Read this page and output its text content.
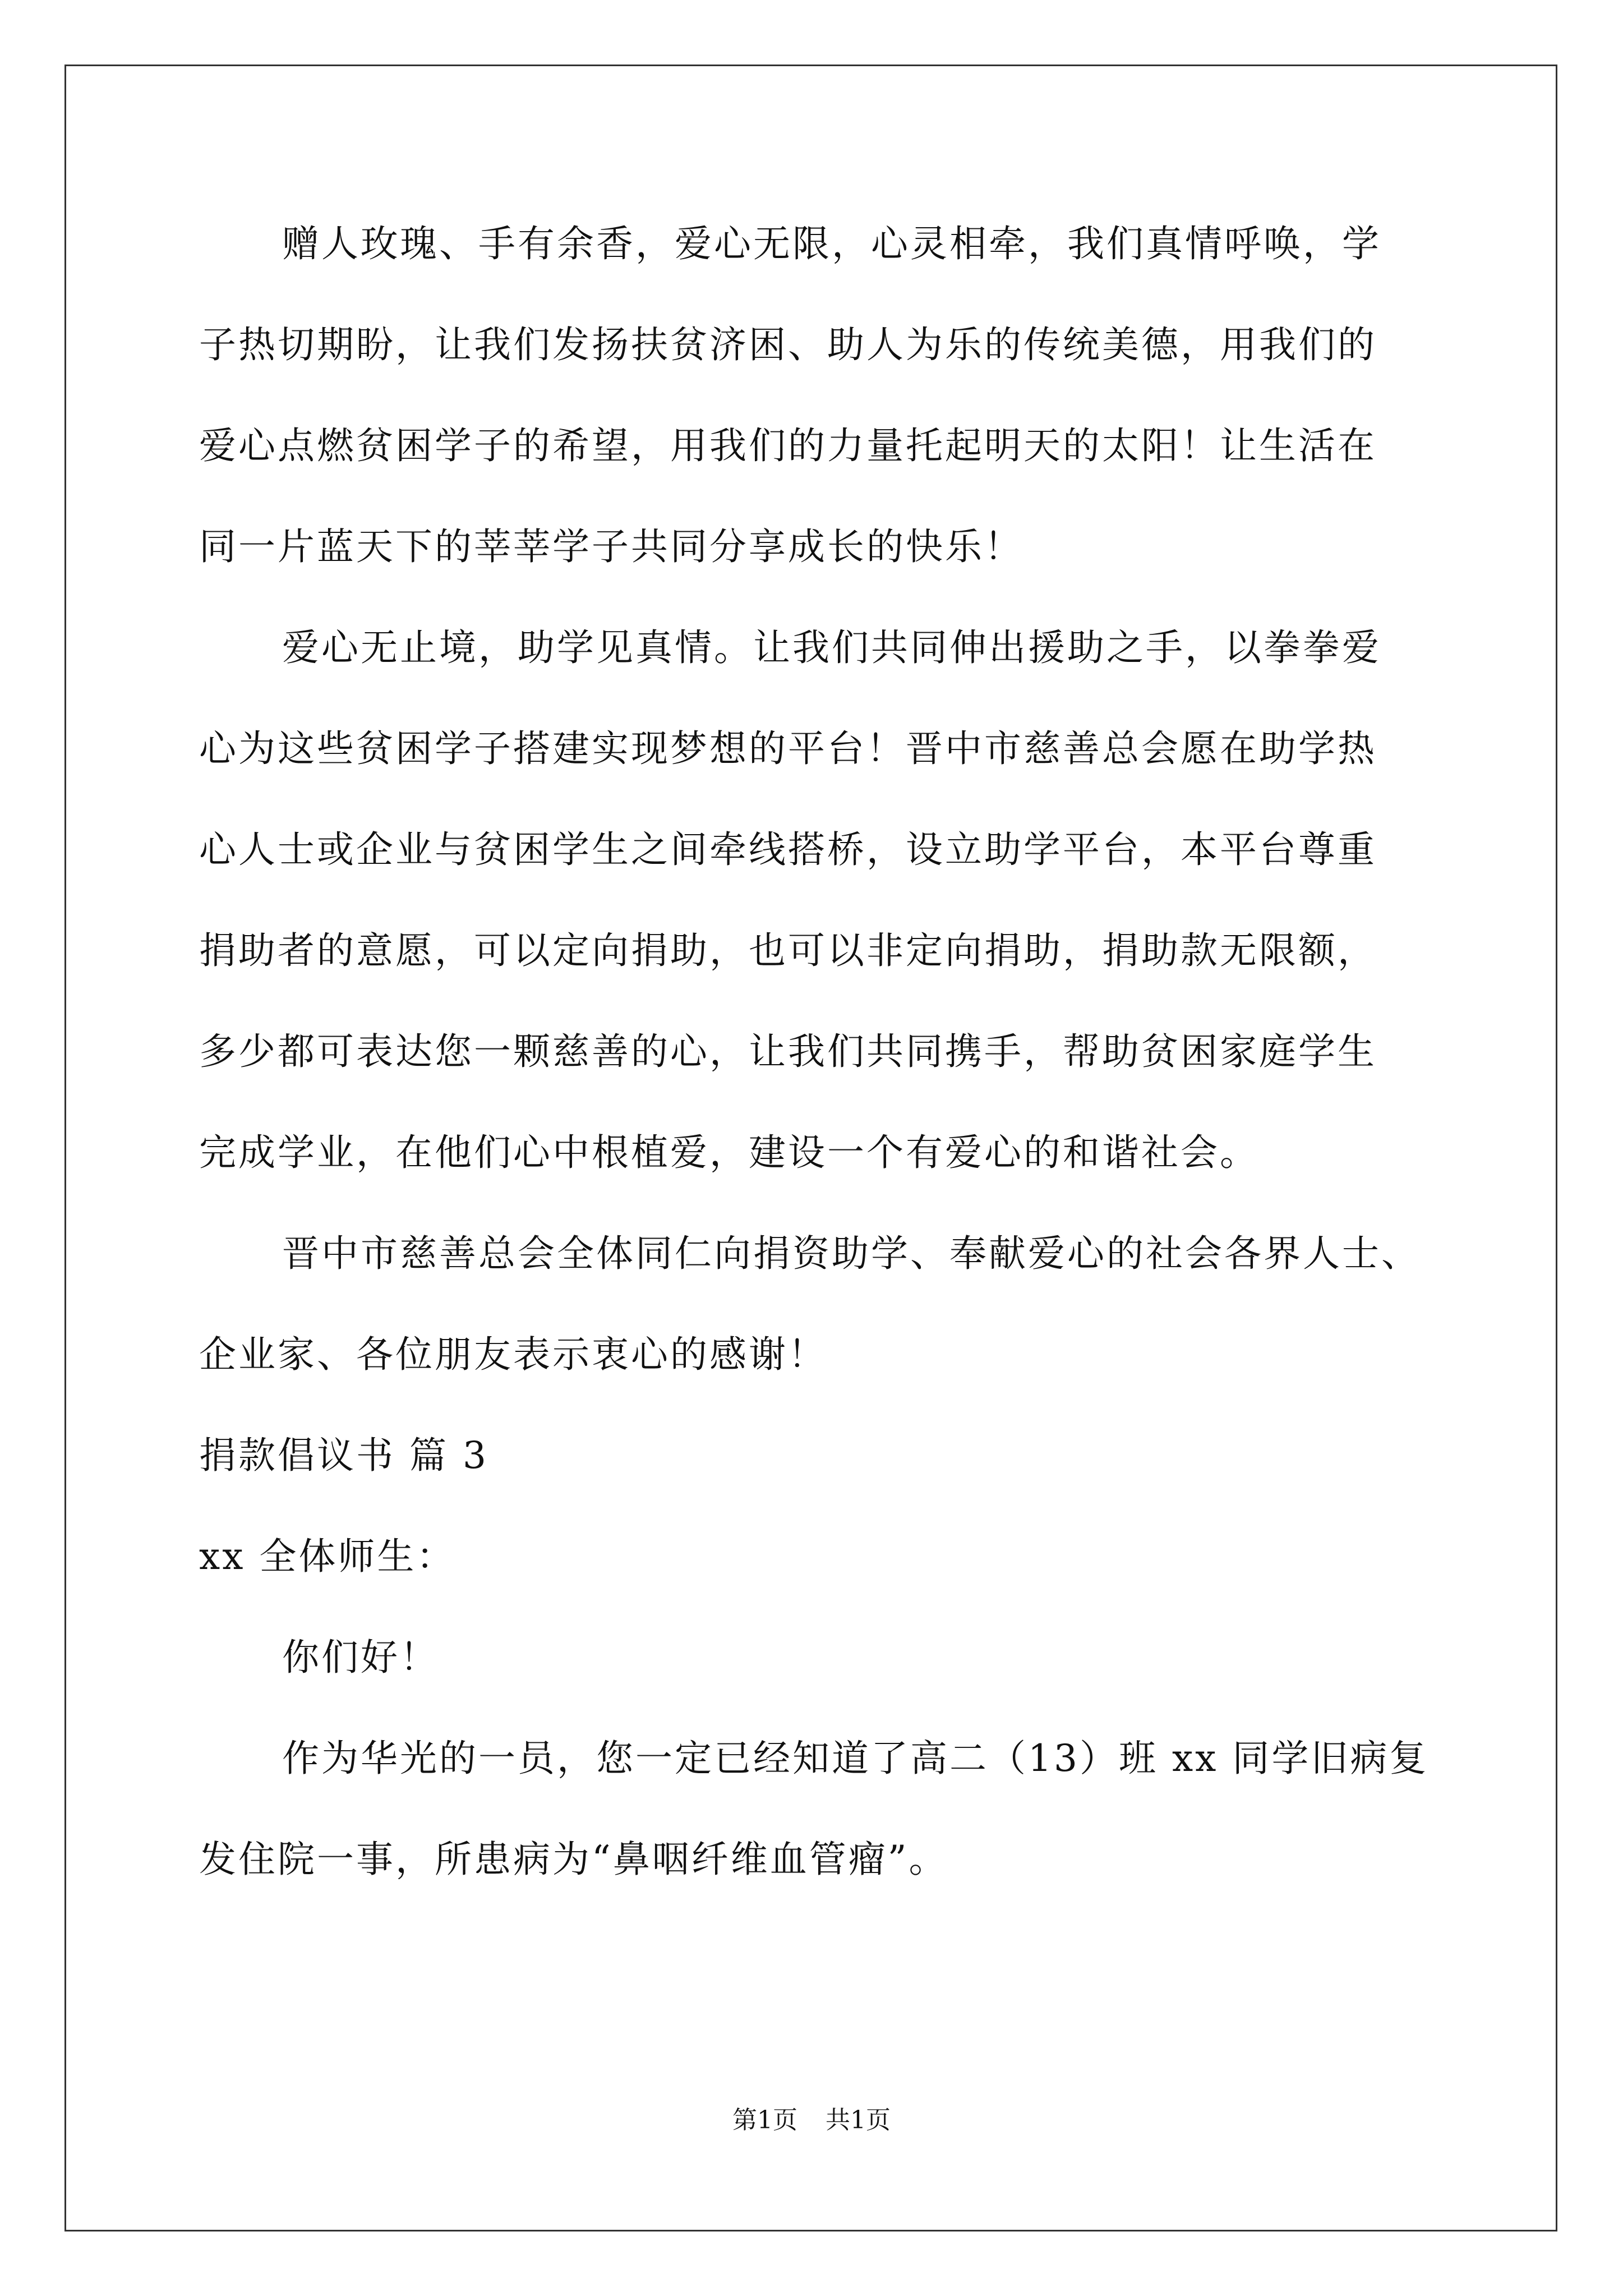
赠人玫瑰、手有余香，爱心无限，心灵相牵，我们真情呼唤，学
子热切期盼，让我们发扬扶贫济困、助人为乐的传统美德，用我们的
爱心点燃贫困学子的希望，用我们的力量托起明天的太阳！让生活在
同一片蓝天下的莘莘学子共同分享成长的快乐！
爱心无止境，助学见真情。让我们共同伸出援助之手，以拳拳爱
心为这些贫困学子搭建实现梦想的平台！晋中市慈善总会愿在助学热
心人士或企业与贫困学生之间牵线搭桥，设立助学平台，本平台尊重
捐助者的意愿，可以定向捐助，也可以非定向捐助，捐助款无限额，
多少都可表达您一颗慈善的心，让我们共同携手，帮助贫困家庭学生
完成学业，在他们心中根植爱，建设一个有爱心的和谐社会。
晋中市慈善总会全体同仁向捐资助学、奉献爱心的社会各界人士、
企业家、各位朋友表示衷心的感谢！
捐款倡议书 篇 3
xx 全体师生：
你们好！
作为华光的一员，您一定已经知道了高二（13）班 xx 同学旧病复
发住院一事，所患病为“鼻咽纤维血管瘤”。
第1页 共1页
